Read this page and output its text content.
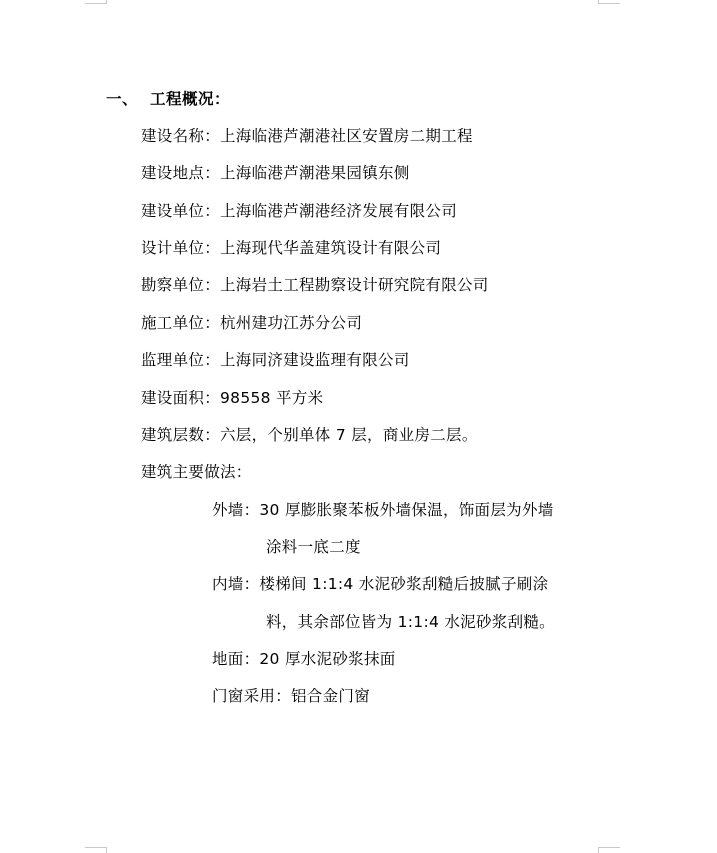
一、 工程概况：
建设名称：上海临港芦潮港社区安置房二期工程
建设地点：上海临港芦潮港果园镇东侧
建设单位：上海临港芦潮港经济发展有限公司
设计单位：上海现代华盖建筑设计有限公司
勘察单位：上海岩土工程勘察设计研究院有限公司
施工单位：杭州建功江苏分公司
监理单位：上海同济建设监理有限公司
建设面积：98558 平方米
建筑层数：六层，个别单体 7 层，商业房二层。
建筑主要做法：
外墙：30 厚膨胀聚苯板外墙保温，饰面层为外墙
涂料一底二度
内墙：楼梯间 1:1:4 水泥砂浆刮糙后披腻子刷涂
料，其余部位皆为 1:1:4 水泥砂浆刮糙。
地面：20 厚水泥砂浆抹面
门窗采用：铝合金门窗
